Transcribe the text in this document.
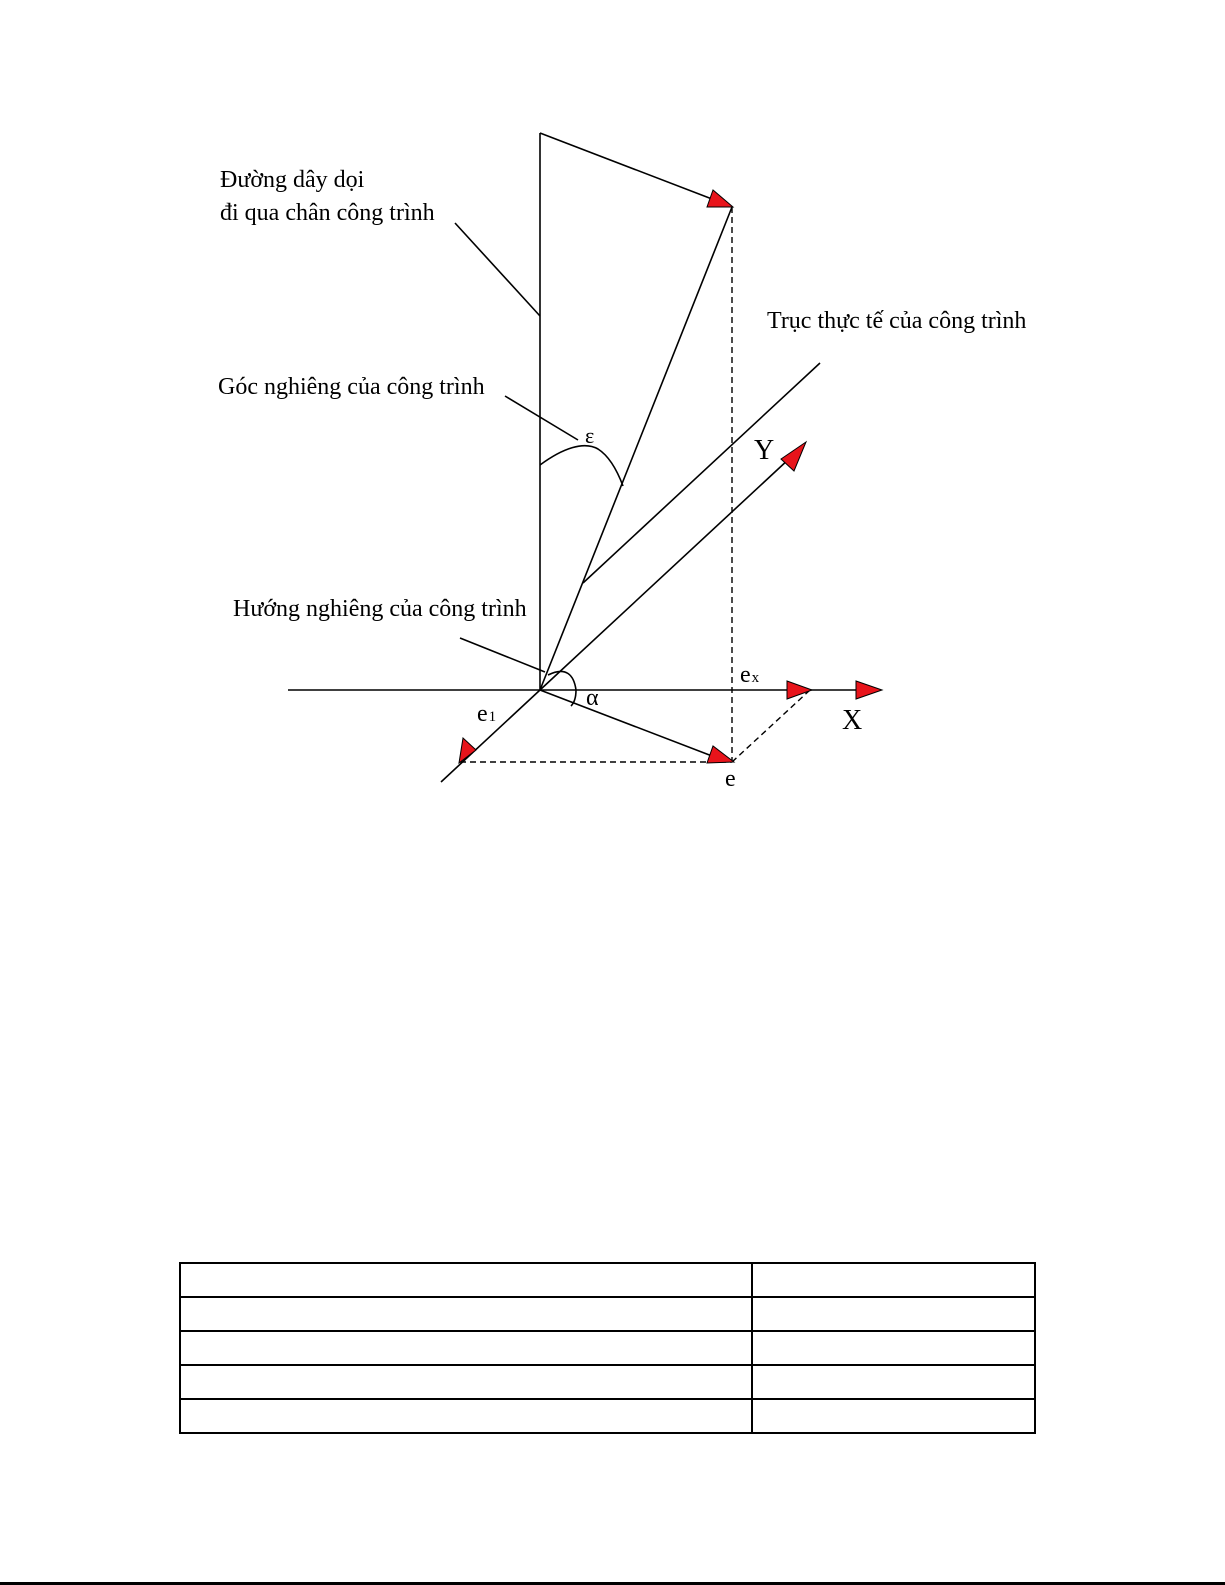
Đường dây dọi
đi qua chân công trình
Trục thực tế của công trình
Góc nghiêng của công trình
ε	Y
Hướng nghiêng của công trình
ex
α
X
e1
e
